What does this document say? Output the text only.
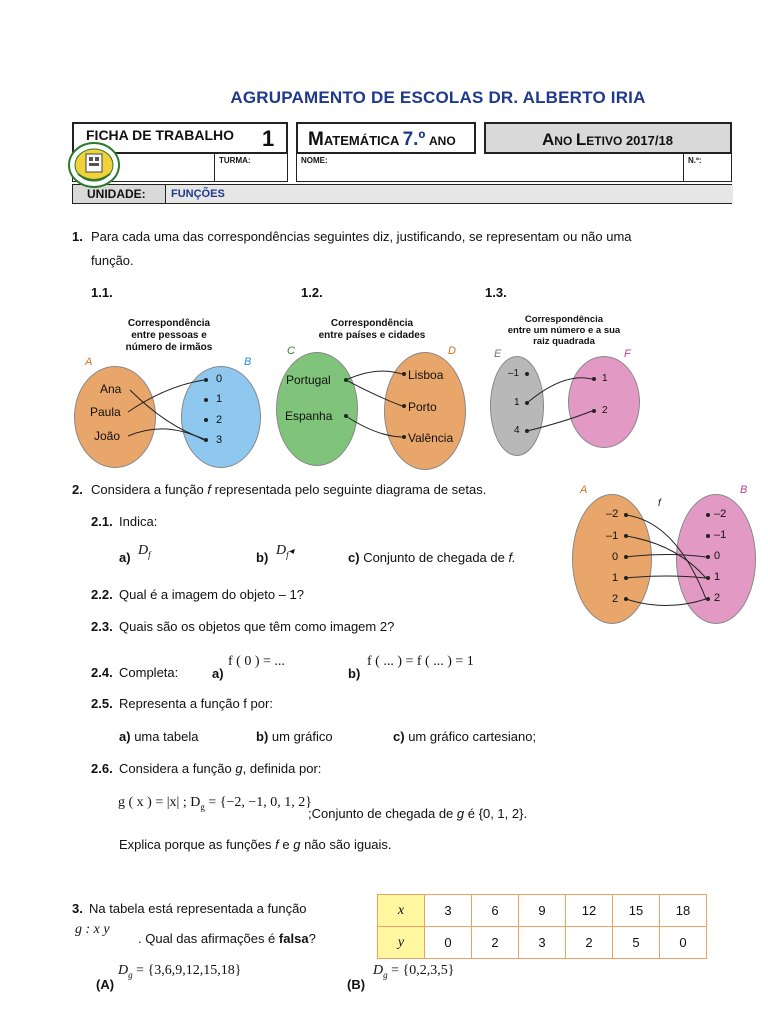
AGRUPAMENTO DE ESCOLAS DR. ALBERTO IRIA
FICHA DE TRABALHO 1 MATEMÁTICA 7.º ANO	ANO LETIVO 2017/18
TURMA:	NOME:	N.º:
UNIDADE: FUNÇÕES
1. Para cada uma das correspondências seguintes diz, justificando, se representam ou não uma
função.
1.1.	1.2.	1.3.
Correspondência
entre pessoas e
número de irmãos
A	B
Ana
Paula
João
0
1
2
3
Correspondência
entre países e cidades
C	D
Portugal
Espanha
Lisboa
Porto
Valência
Correspondência
entre um número e a sua
raiz quadrada
E	F
–1
1
4
1
2
2. Considera a função f representada pelo seguinte diagrama de setas.	A	B
f
–2
–1
0
1
2
–2
–1
0
1
2
2.1. Indica:
a) $D_f$	b) $D_f◂$	c) Conjunto de chegada de f.
2.2. Qual é a imagem do objeto – 1?
2.3. Quais são os objetos que têm como imagem 2?
2.4. Completa:	a)
f ( 0 ) = ...
b)
f ( ... ) = f ( ... ) = 1
2.5. Representa a função f por:
a) uma tabela	b) um gráfico	c) um gráfico cartesiano;
2.6. Considera a função g, definida por:
g ( x ) = |x| ; $D_g = \{-2$, −1, 0, 1, 2}
;Conjunto de chegada de g é {0, 1, 2}.
Explica porque as funções f e g não são iguais.
3. Na tabela está representada a função
g : x y
. Qual das afirmações é falsa?
x	3	6	9	12	15	18
y	0	2	3	2	5	0
(A)
$D_g = \{3,6,9,12,15,18\}$
(B)
$D_g = \{0,2,3,5\}$
